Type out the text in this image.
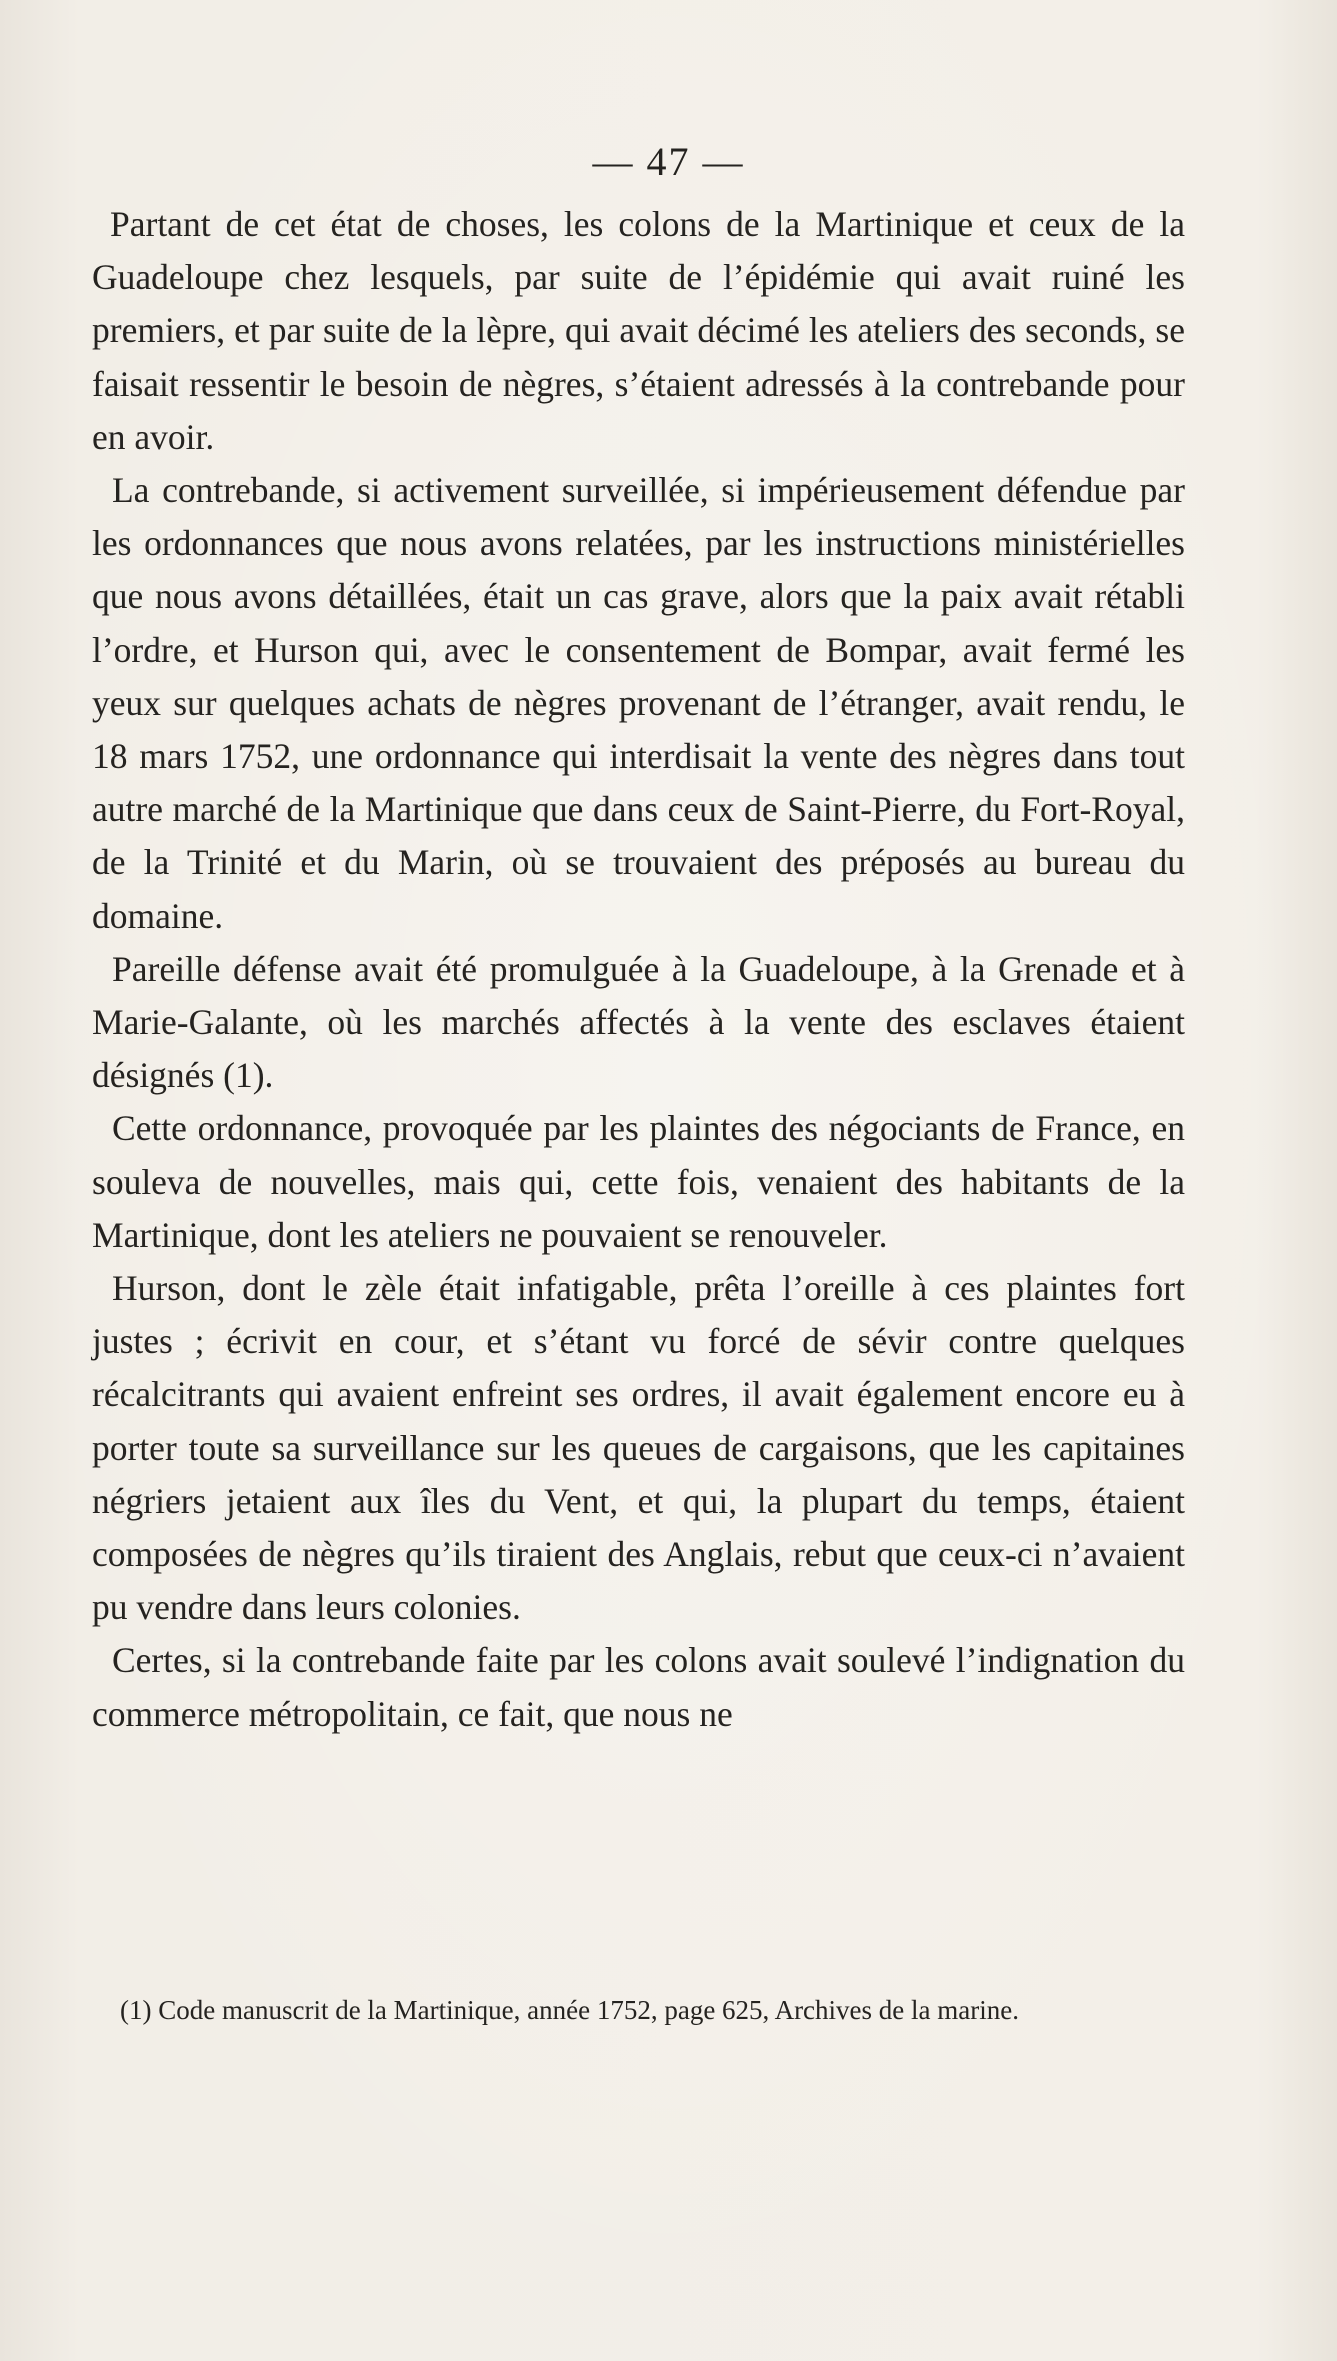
— 47 —

Partant de cet état de choses, les colons de la Martinique et ceux de la Guadeloupe chez lesquels, par suite de l’épidémie qui avait ruiné les premiers, et par suite de la lèpre, qui avait décimé les ateliers des seconds, se faisait ressentir le besoin de nègres, s’étaient adressés à la contrebande pour en avoir.

La contrebande, si activement surveillée, si impérieusement défendue par les ordonnances que nous avons relatées, par les instructions ministérielles que nous avons détaillées, était un cas grave, alors que la paix avait rétabli l’ordre, et Hurson qui, avec le consentement de Bompar, avait fermé les yeux sur quelques achats de nègres provenant de l’étranger, avait rendu, le 18 mars 1752, une ordonnance qui interdisait la vente des nègres dans tout autre marché de la Martinique que dans ceux de Saint-Pierre, du Fort-Royal, de la Trinité et du Marin, où se trouvaient des préposés au bureau du domaine.

Pareille défense avait été promulguée à la Guadeloupe, à la Grenade et à Marie-Galante, où les marchés affectés à la vente des esclaves étaient désignés (1).

Cette ordonnance, provoquée par les plaintes des négociants de France, en souleva de nouvelles, mais qui, cette fois, venaient des habitants de la Martinique, dont les ateliers ne pouvaient se renouveler.

Hurson, dont le zèle était infatigable, prêta l’oreille à ces plaintes fort justes ; écrivit en cour, et s’étant vu forcé de sévir contre quelques récalcitrants qui avaient enfreint ses ordres, il avait également encore eu à porter toute sa surveillance sur les queues de cargaisons, que les capitaines négriers jetaient aux îles du Vent, et qui, la plupart du temps, étaient composées de nègres qu’ils tiraient des Anglais, rebut que ceux-ci n’avaient pu vendre dans leurs colonies.

Certes, si la contrebande faite par les colons avait soulevé l’indignation du commerce métropolitain, ce fait, que nous ne

(1) Code manuscrit de la Martinique, année 1752, page 625, Archives de la marine.
